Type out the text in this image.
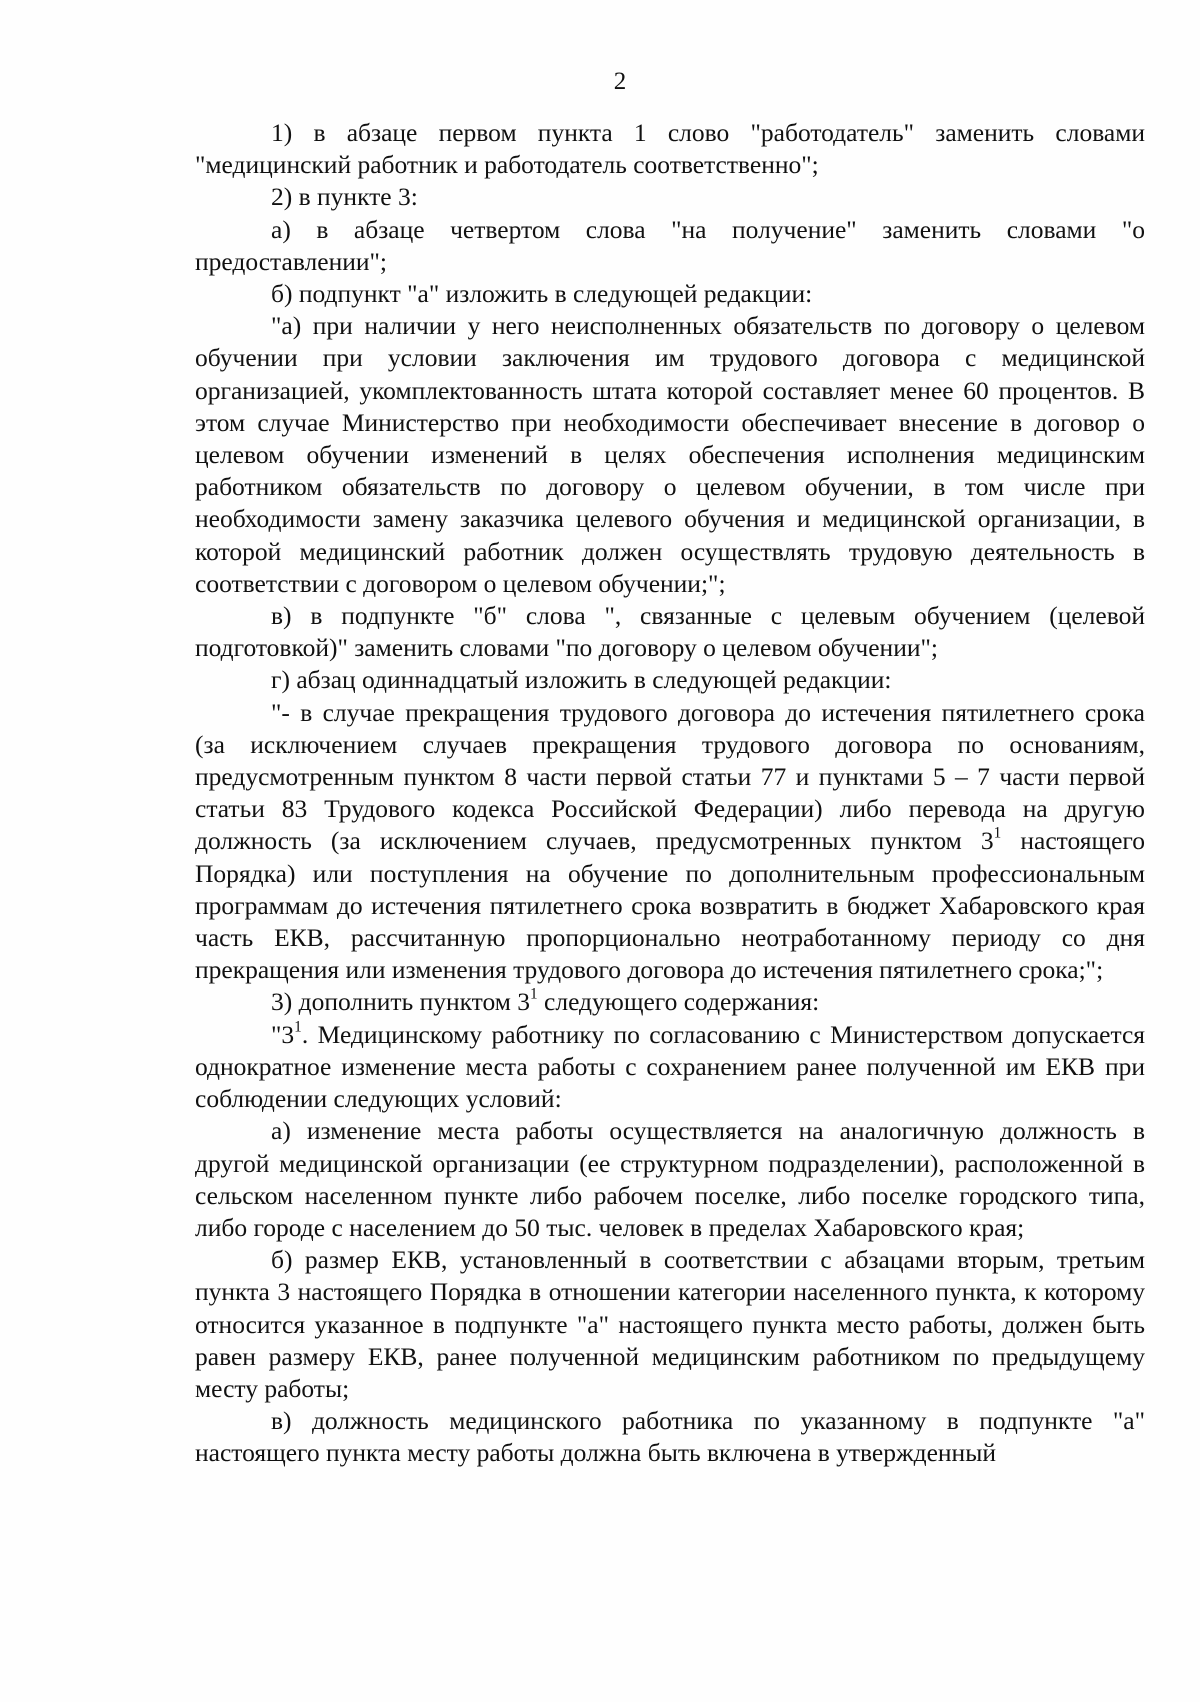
2

1) в абзаце первом пункта 1 слово "работодатель" заменить словами "медицинский работник и работодатель соответственно";

2) в пункте 3:

а) в абзаце четвертом слова "на получение" заменить словами "о предоставлении";

б) подпункт "а" изложить в следующей редакции:

"а) при наличии у него неисполненных обязательств по договору о целевом обучении при условии заключения им трудового договора с медицинской организацией, укомплектованность штата которой составляет менее 60 процентов. В этом случае Министерство при необходимости обеспечивает внесение в договор о целевом обучении изменений в целях обеспечения исполнения медицинским работником обязательств по договору о целевом обучении, в том числе при необходимости замену заказчика целевого обучения и медицинской организации, в которой медицинский работник должен осуществлять трудовую деятельность в соответствии с договором о целевом обучении;";

в) в подпункте "б" слова ", связанные с целевым обучением (целевой подготовкой)" заменить словами "по договору о целевом обучении";

г) абзац одиннадцатый изложить в следующей редакции:

"- в случае прекращения трудового договора до истечения пятилетнего срока (за исключением случаев прекращения трудового договора по основаниям, предусмотренным пунктом 8 части первой статьи 77 и пунктами 5 – 7 части первой статьи 83 Трудового кодекса Российской Федерации) либо перевода на другую должность (за исключением случаев, предусмотренных пунктом $3^1$ настоящего Порядка) или поступления на обучение по дополнительным профессиональным программам до истечения пятилетнего срока возвратить в бюджет Хабаровского края часть ЕКВ, рассчитанную пропорционально неотработанному периоду со дня прекращения или изменения трудового договора до истечения пятилетнего срока;";

3) дополнить пунктом $3^1$ следующего содержания:

"$3^1$. Медицинскому работнику по согласованию с Министерством допускается однократное изменение места работы с сохранением ранее полученной им ЕКВ при соблюдении следующих условий:

а) изменение места работы осуществляется на аналогичную должность в другой медицинской организации (ее структурном подразделении), расположенной в сельском населенном пункте либо рабочем поселке, либо поселке городского типа, либо городе с населением до 50 тыс. человек в пределах Хабаровского края;

б) размер ЕКВ, установленный в соответствии с абзацами вторым, третьим пункта 3 настоящего Порядка в отношении категории населенного пункта, к которому относится указанное в подпункте "а" настоящего пункта место работы, должен быть равен размеру ЕКВ, ранее полученной медицинским работником по предыдущему месту работы;

в) должность медицинского работника по указанному в подпункте "а" настоящего пункта месту работы должна быть включена в утвержденный
